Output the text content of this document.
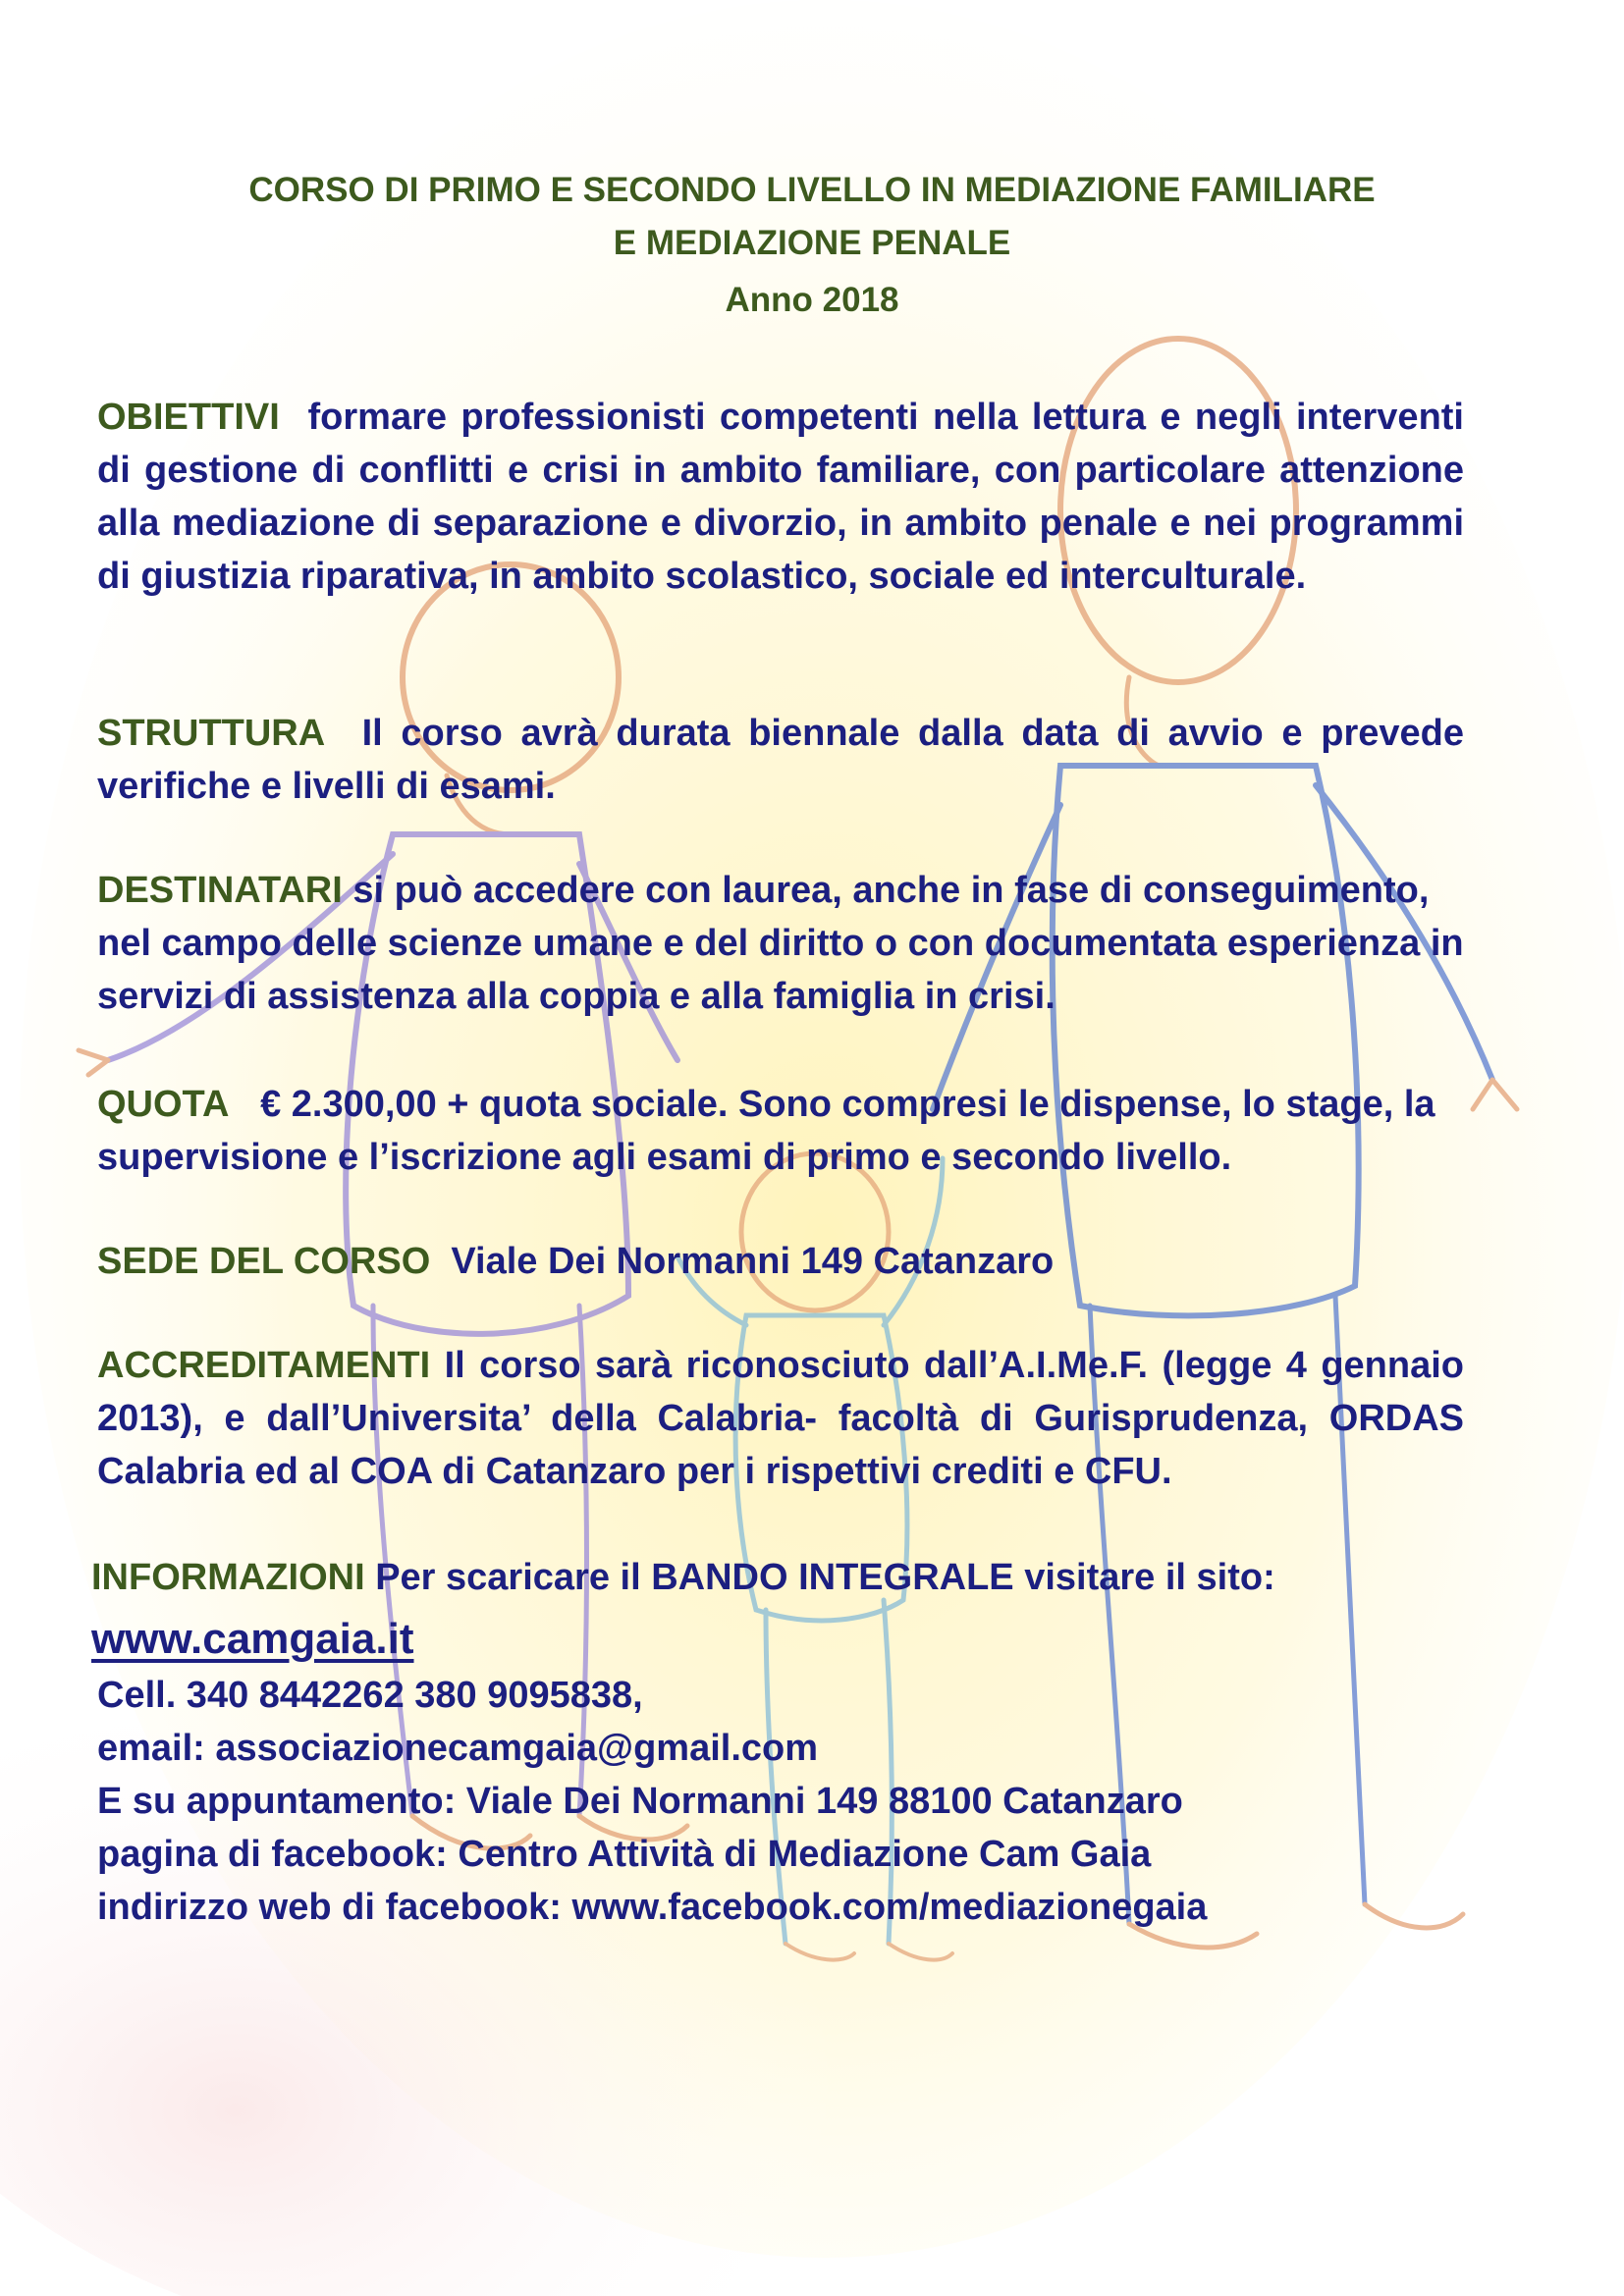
CORSO DI PRIMO E SECONDO LIVELLO IN MEDIAZIONE FAMILIARE
E MEDIAZIONE PENALE
Anno 2018
OBIETTIVI formare professionisti competenti nella lettura e negli interventi di gestione di conflitti e crisi in ambito familiare, con particolare attenzione alla mediazione di separazione e divorzio, in ambito penale e nei programmi di giustizia riparativa, in ambito scolastico, sociale ed interculturale.
STRUTTURA Il corso avrà durata biennale dalla data di avvio e prevede verifiche e livelli di esami.
DESTINATARI si può accedere con laurea, anche in fase di conseguimento, nel campo delle scienze umane e del diritto o con documentata esperienza in servizi di assistenza alla coppia e alla famiglia in crisi.
QUOTA € 2.300,00 + quota sociale. Sono compresi le dispense, lo stage, la supervisione e l’iscrizione agli esami di primo e secondo livello.
SEDE DEL CORSO Viale Dei Normanni 149 Catanzaro
ACCREDITAMENTI Il corso sarà riconosciuto dall’A.I.Me.F. (legge 4 gennaio 2013), e dall’Universita’ della Calabria- facoltà di Gurisprudenza, ORDAS Calabria ed al COA di Catanzaro per i rispettivi crediti e CFU.
INFORMAZIONI Per scaricare il BANDO INTEGRALE visitare il sito:
www.camgaia.it
Cell. 340 8442262 380 9095838,
email: associazionecamgaia@gmail.com
E su appuntamento: Viale Dei Normanni 149 88100 Catanzaro
pagina di facebook: Centro Attività di Mediazione Cam Gaia
indirizzo web di facebook: www.facebook.com/mediazionegaia
